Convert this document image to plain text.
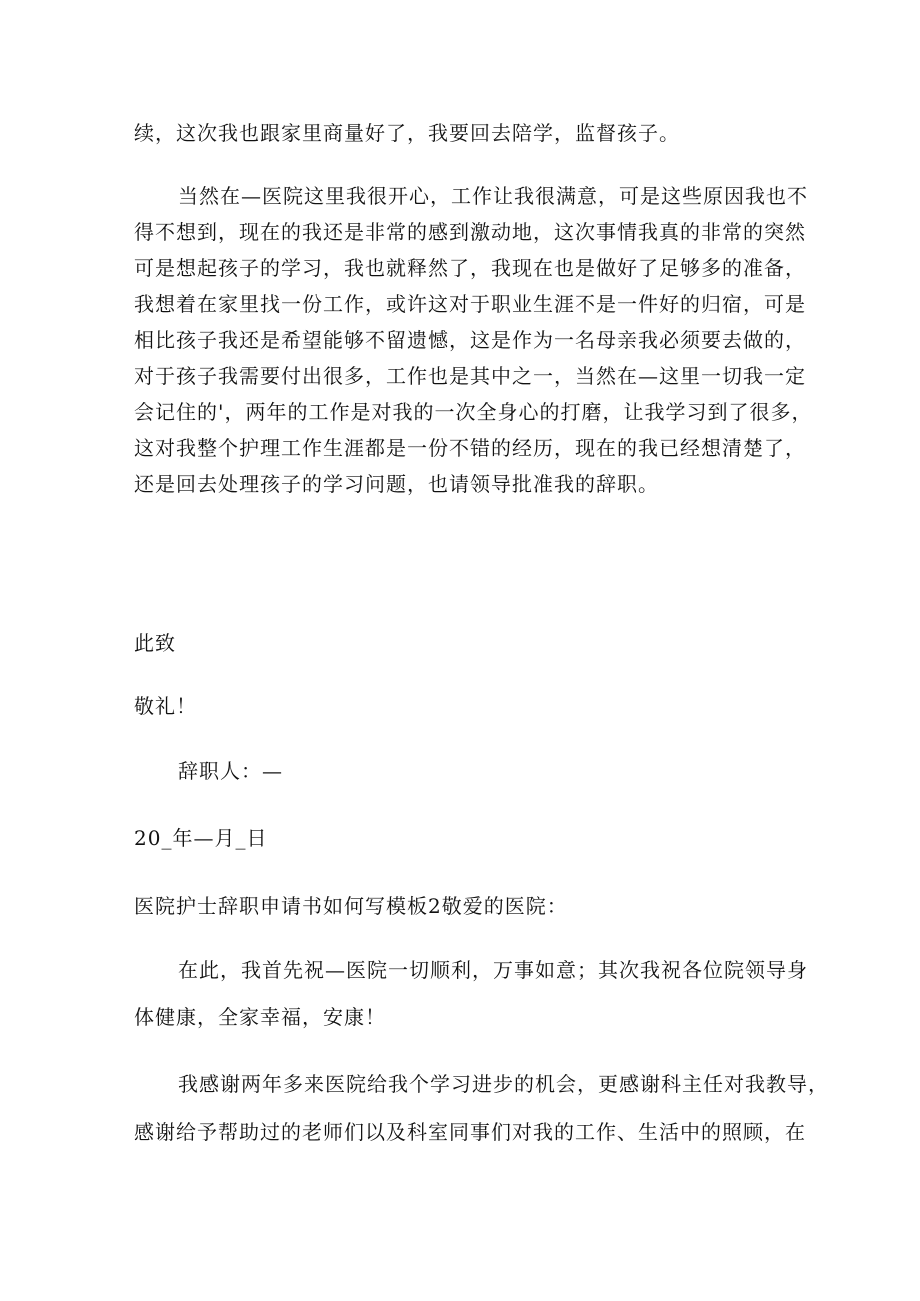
续，这次我也跟家里商量好了，我要回去陪学，监督孩子。
当然在—医院这里我很开心，工作让我很满意，可是这些原因我也不
得不想到，现在的我还是非常的感到激动地，这次事情我真的非常的突然
可是想起孩子的学习，我也就释然了，我现在也是做好了足够多的准备，
我想着在家里找一份工作，或许这对于职业生涯不是一件好的归宿，可是
相比孩子我还是希望能够不留遗憾，这是作为一名母亲我必须要去做的，
对于孩子我需要付出很多，工作也是其中之一，当然在—这里一切我一定
会记住的'，两年的工作是对我的一次全身心的打磨，让我学习到了很多，
这对我整个护理工作生涯都是一份不错的经历，现在的我已经想清楚了，
还是回去处理孩子的学习问题，也请领导批准我的辞职。
此致
敬礼！
辞职人：—
20_年—月_日
医院护士辞职申请书如何写模板2敬爱的医院：
在此，我首先祝—医院一切顺利，万事如意；其次我祝各位院领导身
体健康，全家幸福，安康！
我感谢两年多来医院给我个学习进步的机会，更感谢科主任对我教导，
感谢给予帮助过的老师们以及科室同事们对我的工作、生活中的照顾，在
